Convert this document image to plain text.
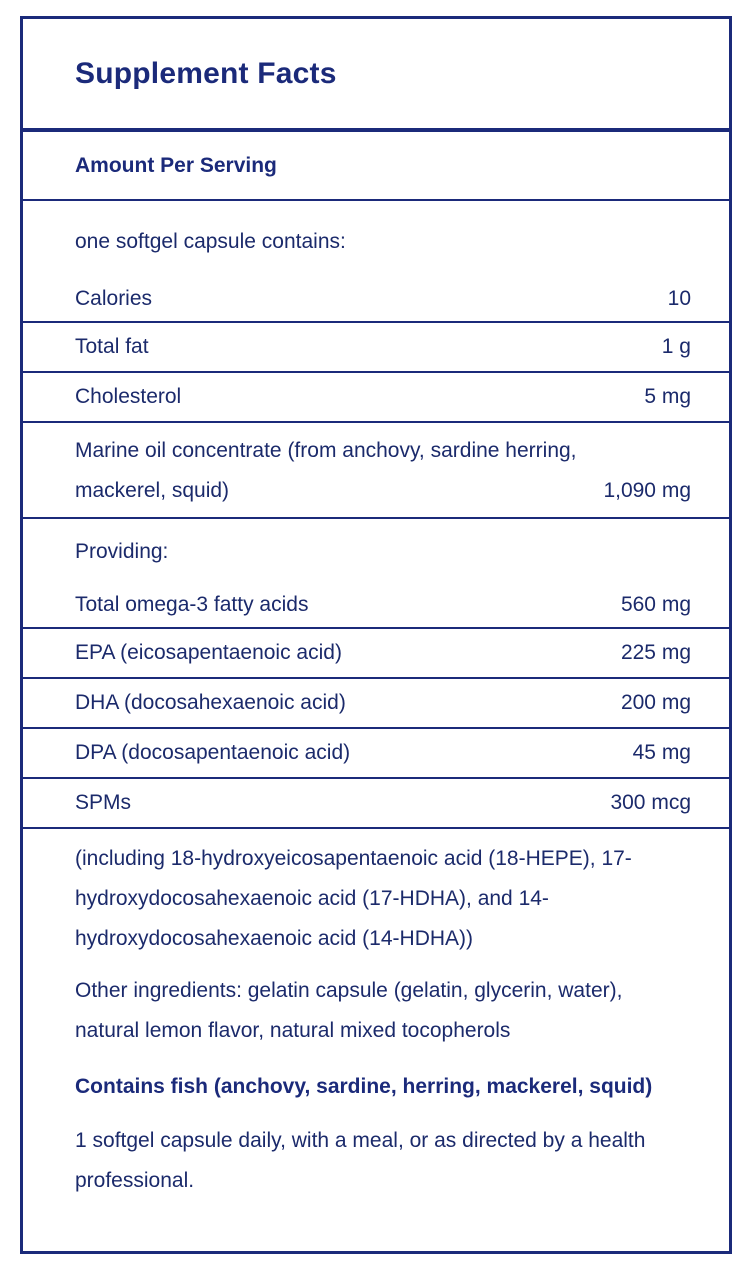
Supplement Facts
Amount Per Serving
one softgel capsule contains:
Calories	10
Total fat	1 g
Cholesterol	5 mg
Marine oil concentrate (from anchovy, sardine herring, mackerel, squid)	1,090 mg
Providing:
Total omega-3 fatty acids	560 mg
EPA (eicosapentaenoic acid)	225 mg
DHA (docosahexaenoic acid)	200 mg
DPA (docosapentaenoic acid)	45 mg
SPMs	300 mcg
(including 18-hydroxyeicosapentaenoic acid (18-HEPE), 17-hydroxydocosahexaenoic acid (17-HDHA), and 14-hydroxydocosahexaenoic acid (14-HDHA))
Other ingredients: gelatin capsule (gelatin, glycerin, water), natural lemon flavor, natural mixed tocopherols
Contains fish (anchovy, sardine, herring, mackerel, squid)
1 softgel capsule daily, with a meal, or as directed by a health professional.
